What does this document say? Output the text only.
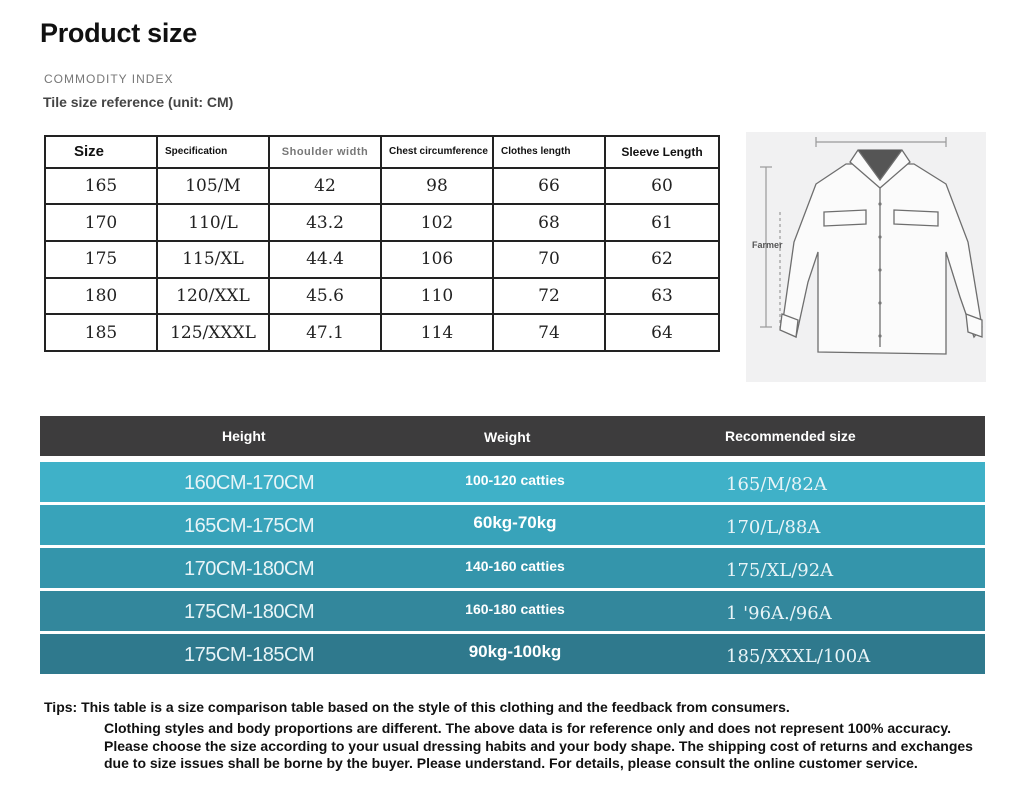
Product size
COMMODITY INDEX
Tile size reference (unit: CM)
Size	Specification	Shoulder width	Chest circumference	Clothes length	Sleeve Length
165	105/M	42	98	66	60
170	110/L	43.2	102	68	61
175	115/XL	44.4	106	70	62
180	120/XXL	45.6	110	72	63
185	125/XXXL	47.1	114	74	64
Farmer
Height	Weight	Recommended size
160CM-170CM	100-120 catties	165/M/82A
165CM-175CM	60kg-70kg	170/L/88A
170CM-180CM	140-160 catties	175/XL/92A
175CM-180CM	160-180 catties	1 '96A./96A
175CM-185CM	90kg-100kg	185/XXXL/100A
Tips: This table is a size comparison table based on the style of this clothing and the feedback from consumers.
Clothing styles and body proportions are different. The above data is for reference only and does not represent 100% accuracy.
Please choose the size according to your usual dressing habits and your body shape. The shipping cost of returns and exchanges
due to size issues shall be borne by the buyer. Please understand. For details, please consult the online customer service.
